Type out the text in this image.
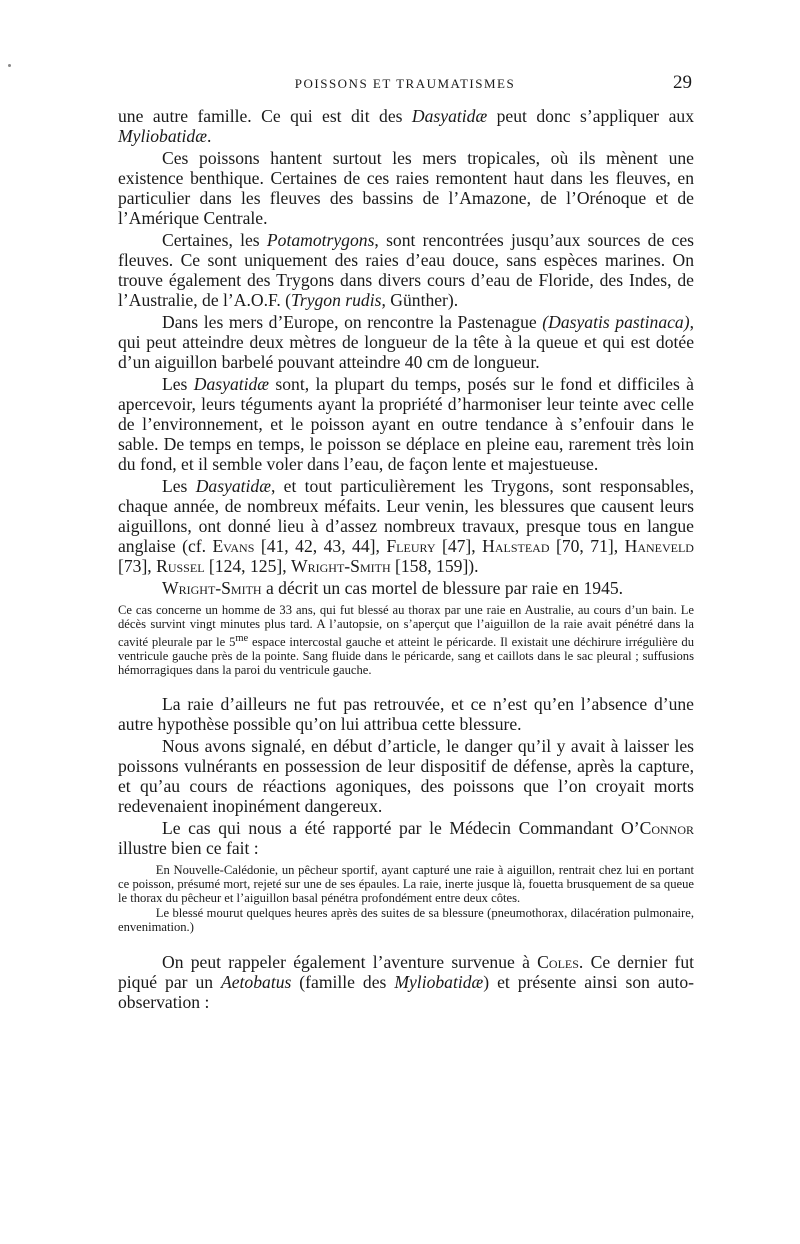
POISSONS ET TRAUMATISMES	29

une autre famille. Ce qui est dit des Dasyatidæ peut donc s’appliquer aux Myliobatidæ.

Ces poissons hantent surtout les mers tropicales, où ils mènent une existence benthique. Certaines de ces raies remontent haut dans les fleuves, en particulier dans les fleuves des bassins de l’Amazone, de l’Orénoque et de l’Amérique Centrale.

Certaines, les Potamotrygons, sont rencontrées jusqu’aux sources de ces fleuves. Ce sont uniquement des raies d’eau douce, sans espèces marines. On trouve également des Trygons dans divers cours d’eau de Floride, des Indes, de l’Australie, de l’A.O.F. (Trygon rudis, Günther).

Dans les mers d’Europe, on rencontre la Pastenague (Dasyatis pastinaca), qui peut atteindre deux mètres de longueur de la tête à la queue et qui est dotée d’un aiguillon barbelé pouvant atteindre 40 cm de longueur.

Les Dasyatidæ sont, la plupart du temps, posés sur le fond et difficiles à apercevoir, leurs téguments ayant la propriété d’harmoniser leur teinte avec celle de l’environnement, et le poisson ayant en outre tendance à s’enfouir dans le sable. De temps en temps, le poisson se déplace en pleine eau, rarement très loin du fond, et il semble voler dans l’eau, de façon lente et majestueuse.

Les Dasyatidæ, et tout particulièrement les Trygons, sont responsables, chaque année, de nombreux méfaits. Leur venin, les blessures que causent leurs aiguillons, ont donné lieu à d’assez nombreux travaux, presque tous en langue anglaise (cf. Evans [41, 42, 43, 44], Fleury [47], Halstead [70, 71], Haneveld [73], Russel [124, 125], Wright-Smith [158, 159]).

Wright-Smith a décrit un cas mortel de blessure par raie en 1945.

Ce cas concerne un homme de 33 ans, qui fut blessé au thorax par une raie en Australie, au cours d’un bain. Le décès survint vingt minutes plus tard. A l’autopsie, on s’aperçut que l’aiguillon de la raie avait pénétré dans la cavité pleurale par le $5^{me}$ espace intercostal gauche et atteint le péricarde. Il existait une déchirure irrégulière du ventricule gauche près de la pointe. Sang fluide dans le péricarde, sang et caillots dans le sac pleural ; suffusions hémorragiques dans la paroi du ventricule gauche.

La raie d’ailleurs ne fut pas retrouvée, et ce n’est qu’en l’absence d’une autre hypothèse possible qu’on lui attribua cette blessure.

Nous avons signalé, en début d’article, le danger qu’il y avait à laisser les poissons vulnérants en possession de leur dispositif de défense, après la capture, et qu’au cours de réactions agoniques, des poissons que l’on croyait morts redevenaient inopinément dangereux.

Le cas qui nous a été rapporté par le Médecin Commandant O’Connor illustre bien ce fait :

En Nouvelle-Calédonie, un pêcheur sportif, ayant capturé une raie à aiguillon, rentrait chez lui en portant ce poisson, présumé mort, rejeté sur une de ses épaules. La raie, inerte jusque là, fouetta brusquement de sa queue le thorax du pêcheur et l’aiguillon basal pénétra profondément entre deux côtes.

Le blessé mourut quelques heures après des suites de sa blessure (pneumothorax, dilacération pulmonaire, envenimation.)

On peut rappeler également l’aventure survenue à Coles. Ce dernier fut piqué par un Aetobatus (famille des Myliobatidæ) et présente ainsi son auto-observation :
